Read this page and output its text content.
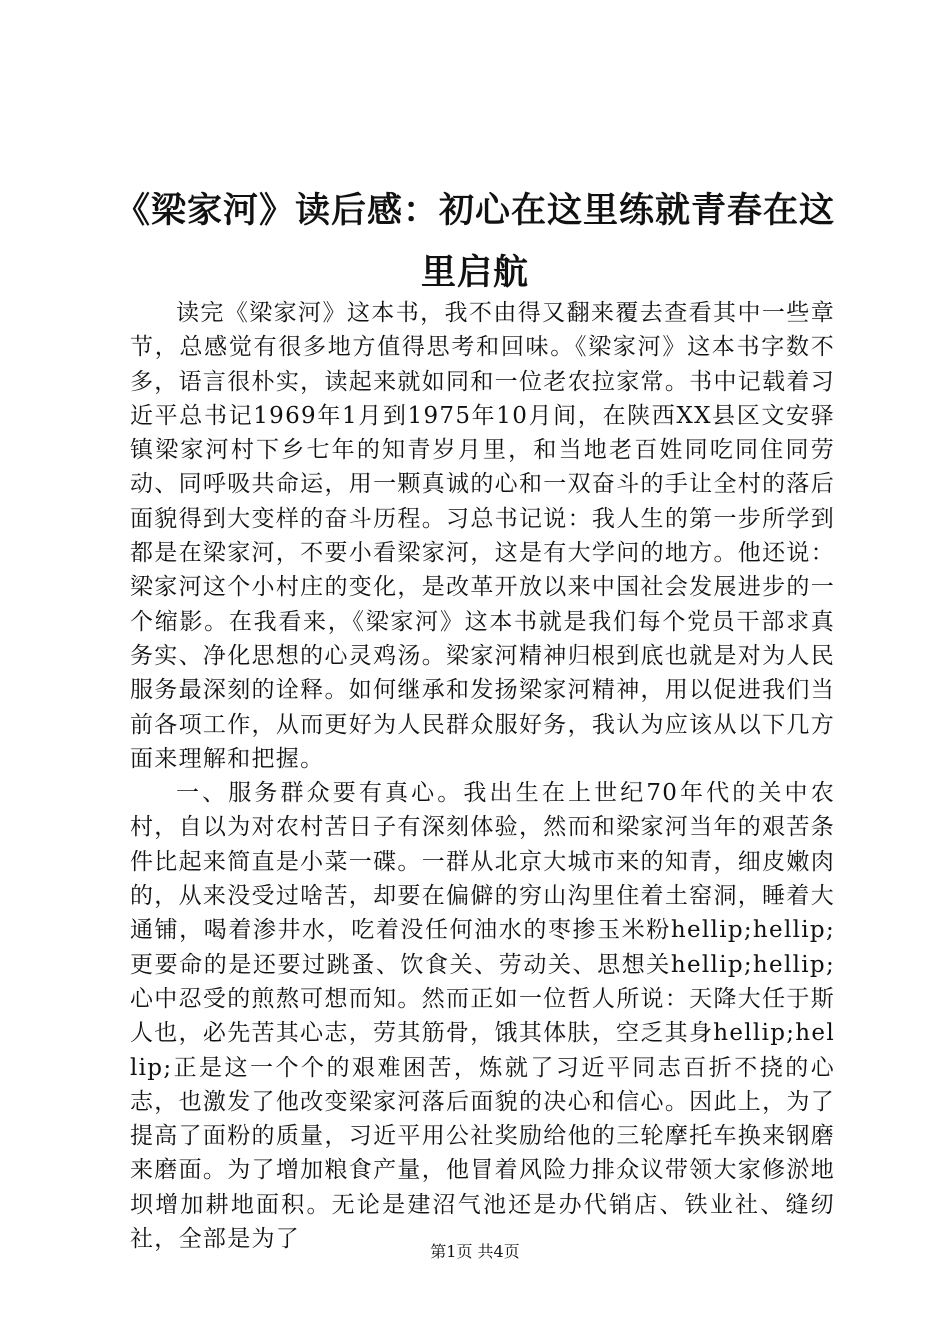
《梁家河》读后感：初心在这里练就青春在这里启航

读完《梁家河》这本书，我不由得又翻来覆去查看其中一些章节，总感觉有很多地方值得思考和回味。《梁家河》这本书字数不多，语言很朴实，读起来就如同和一位老农拉家常。书中记载着习近平总书记1969年1月到1975年10月间，在陕西XX县区文安驿镇梁家河村下乡七年的知青岁月里，和当地老百姓同吃同住同劳动、同呼吸共命运，用一颗真诚的心和一双奋斗的手让全村的落后面貌得到大变样的奋斗历程。习总书记说：我人生的第一步所学到都是在梁家河，不要小看梁家河，这是有大学问的地方。他还说：梁家河这个小村庄的变化，是改革开放以来中国社会发展进步的一个缩影。在我看来，《梁家河》这本书就是我们每个党员干部求真务实、净化思想的心灵鸡汤。梁家河精神归根到底也就是对为人民服务最深刻的诠释。如何继承和发扬梁家河精神，用以促进我们当前各项工作，从而更好为人民群众服好务，我认为应该从以下几方面来理解和把握。

一、服务群众要有真心。我出生在上世纪70年代的关中农村，自以为对农村苦日子有深刻体验，然而和梁家河当年的艰苦条件比起来简直是小菜一碟。一群从北京大城市来的知青，细皮嫩肉的，从来没受过啥苦，却要在偏僻的穷山沟里住着土窑洞，睡着大通铺，喝着渗井水，吃着没任何油水的枣掺玉米粉hellip;hellip;更要命的是还要过跳蚤、饮食关、劳动关、思想关hellip;hellip;心中忍受的煎熬可想而知。然而正如一位哲人所说：天降大任于斯人也，必先苦其心志，劳其筋骨，饿其体肤，空乏其身hellip;hellip;正是这一个个的艰难困苦，炼就了习近平同志百折不挠的心志，也激发了他改变梁家河落后面貌的决心和信心。因此上，为了提高了面粉的质量，习近平用公社奖励给他的三轮摩托车换来钢磨来磨面。为了增加粮食产量，他冒着风险力排众议带领大家修淤地坝增加耕地面积。无论是建沼气池还是办代销店、铁业社、缝纫社，全部是为了	第1页 共4页
